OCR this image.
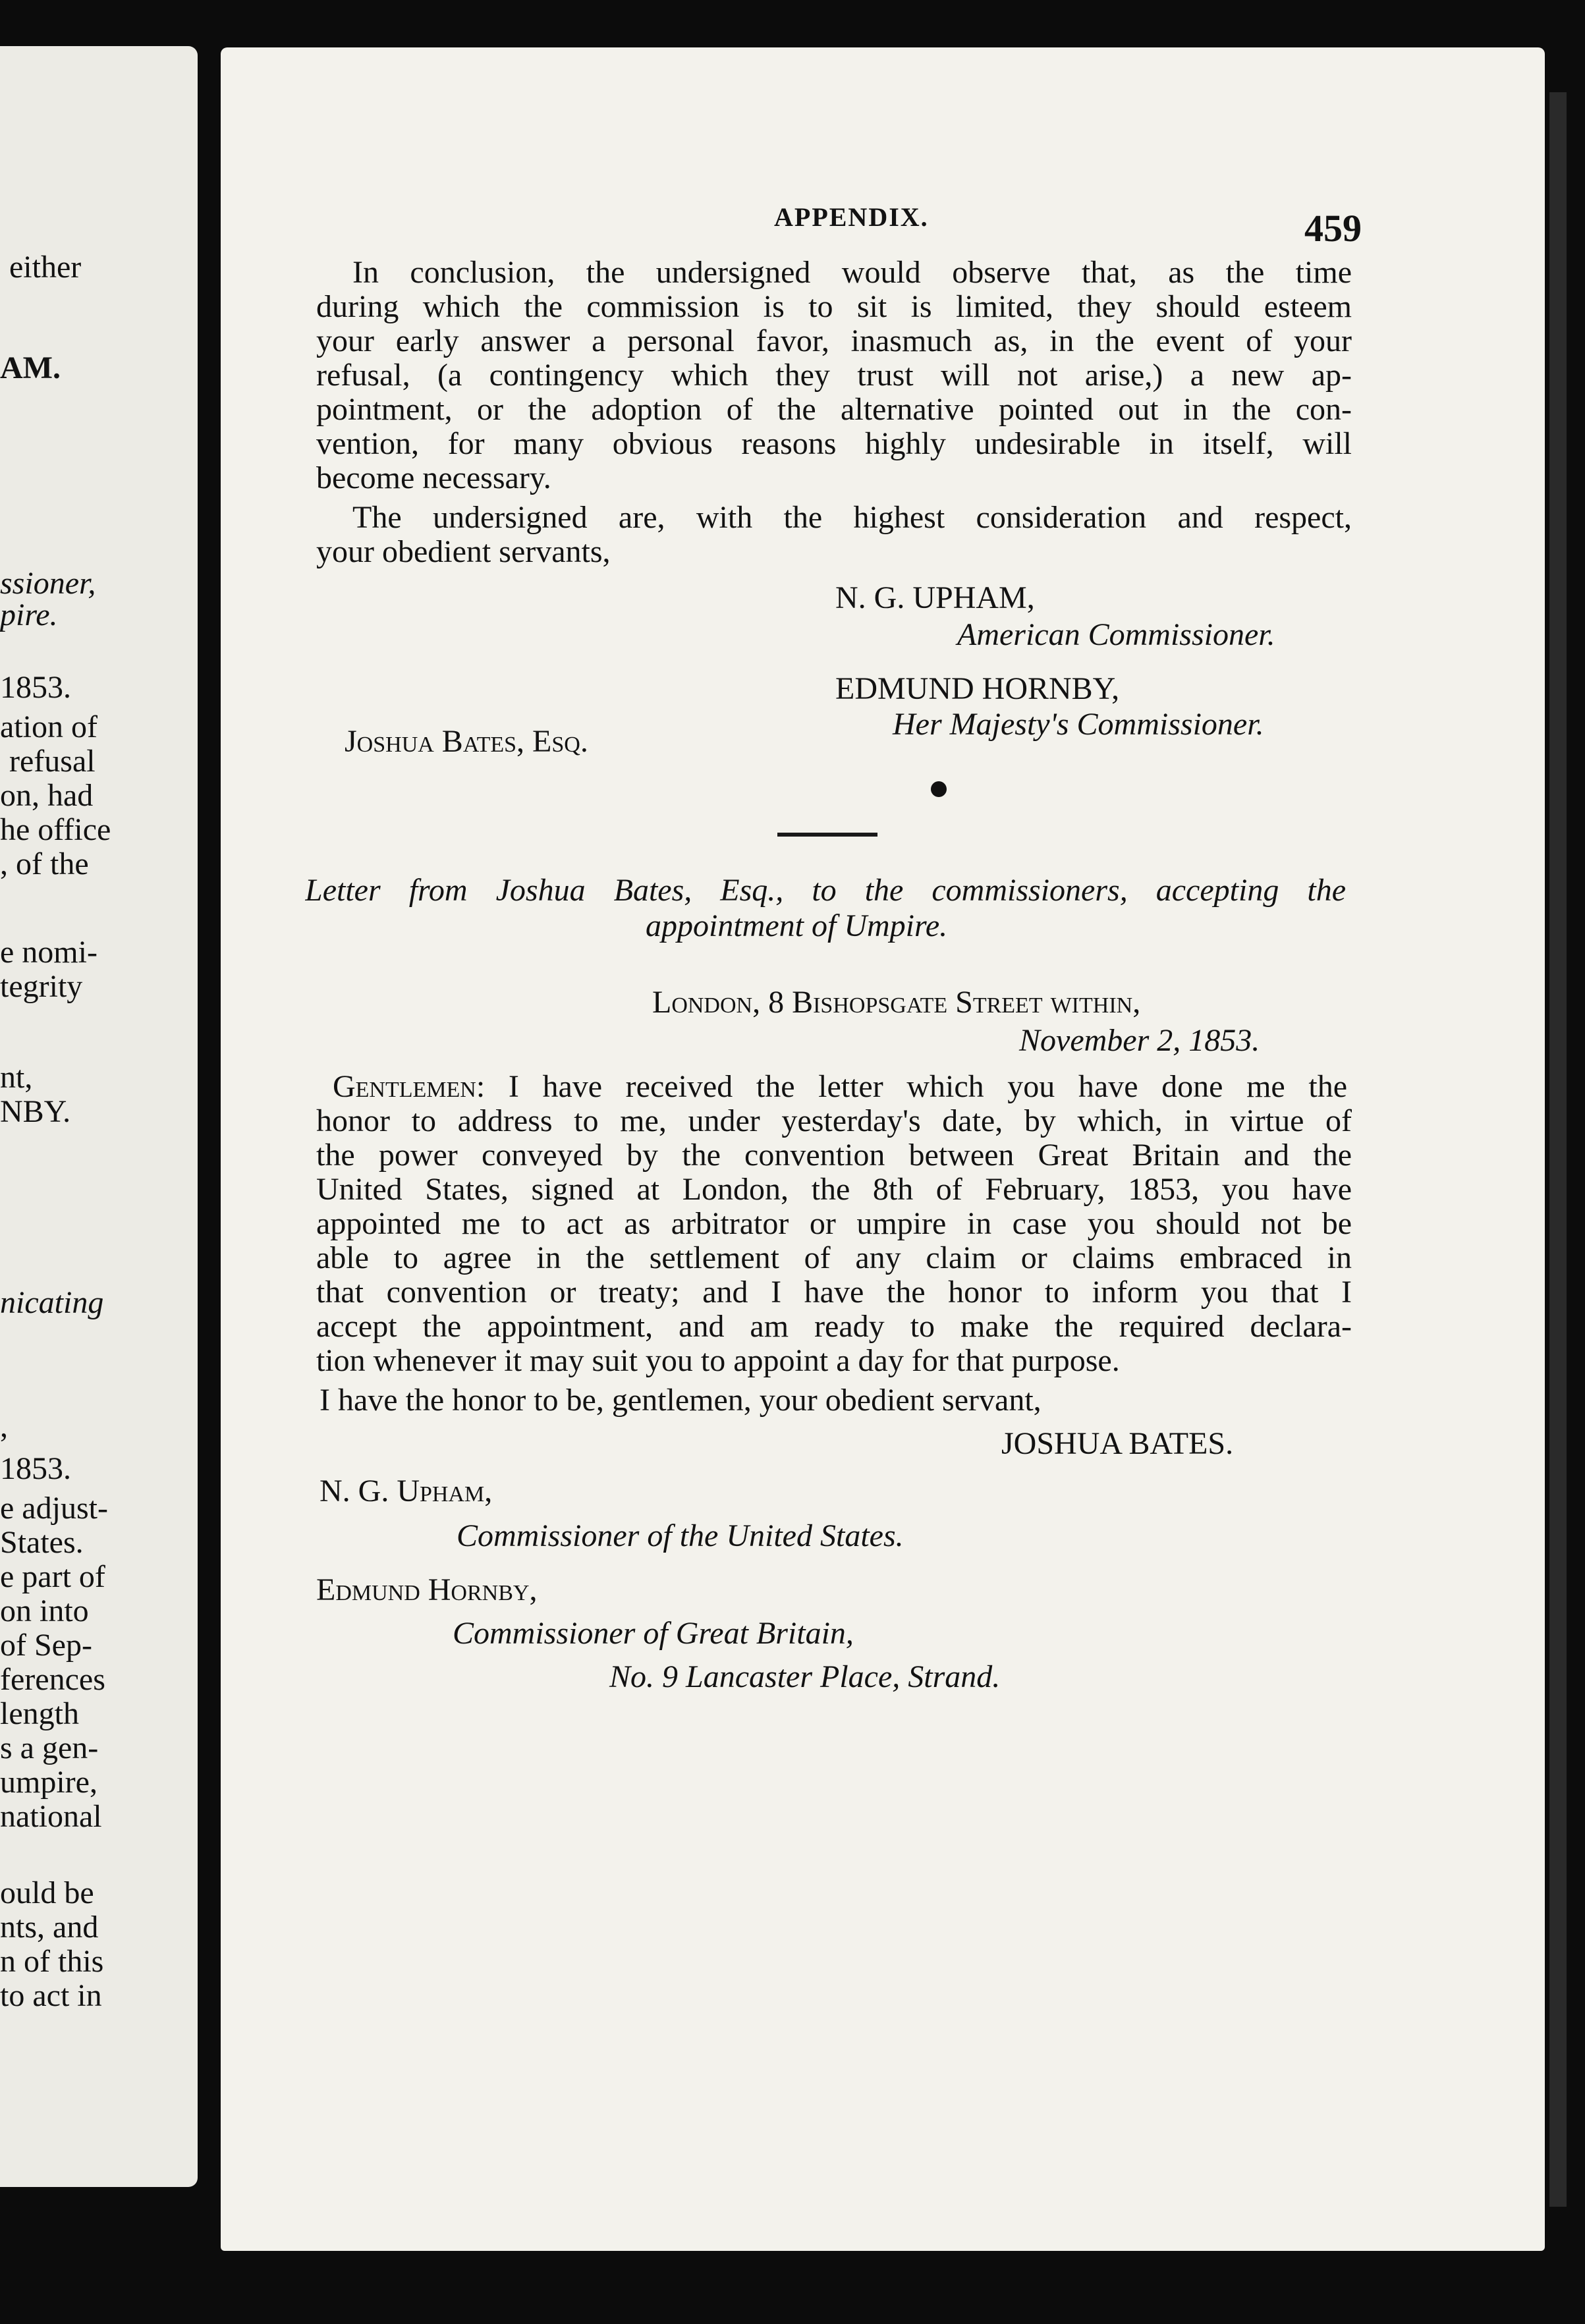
either

AM.

ssioner,

pire.

1853.

ation of

refusal

on, had

he office

, of the

e nomi-

tegrity

nt,

NBY.

nicating

,

1853.

e adjust-

States.

e part of

on into

of Sep-

ferences

length

s a gen-

umpire,

national

ould be

nts, and

n of this

to act in

APPENDIX.	459

In conclusion, the undersigned would observe that, as the time

during which the commission is to sit is limited, they should esteem

your early answer a personal favor, inasmuch as, in the event of your

refusal, (a contingency which they trust will not arise,) a new ap-

pointment, or the adoption of the alternative pointed out in the con-

vention, for many obvious reasons highly undesirable in itself, will

become necessary.

The undersigned are, with the highest consideration and respect,

your obedient servants,

N. G. UPHAM,

American Commissioner.

EDMUND HORNBY,

Her Majesty's Commissioner.

Joshua Bates, Esq.

Letter from Joshua Bates, Esq., to the commissioners, accepting the

appointment of Umpire.

London, 8 Bishopsgate Street within,

November 2, 1853.

Gentlemen: I have received the letter which you have done me the

honor to address to me, under yesterday's date, by which, in virtue of

the power conveyed by the convention between Great Britain and the

United States, signed at London, the 8th of February, 1853, you have

appointed me to act as arbitrator or umpire in case you should not be

able to agree in the settlement of any claim or claims embraced in

that convention or treaty; and I have the honor to inform you that I

accept the appointment, and am ready to make the required declara-

tion whenever it may suit you to appoint a day for that purpose.

I have the honor to be, gentlemen, your obedient servant,

JOSHUA BATES.

N. G. Upham,

Commissioner of the United States.

Edmund Hornby,

Commissioner of Great Britain,

No. 9 Lancaster Place, Strand.
